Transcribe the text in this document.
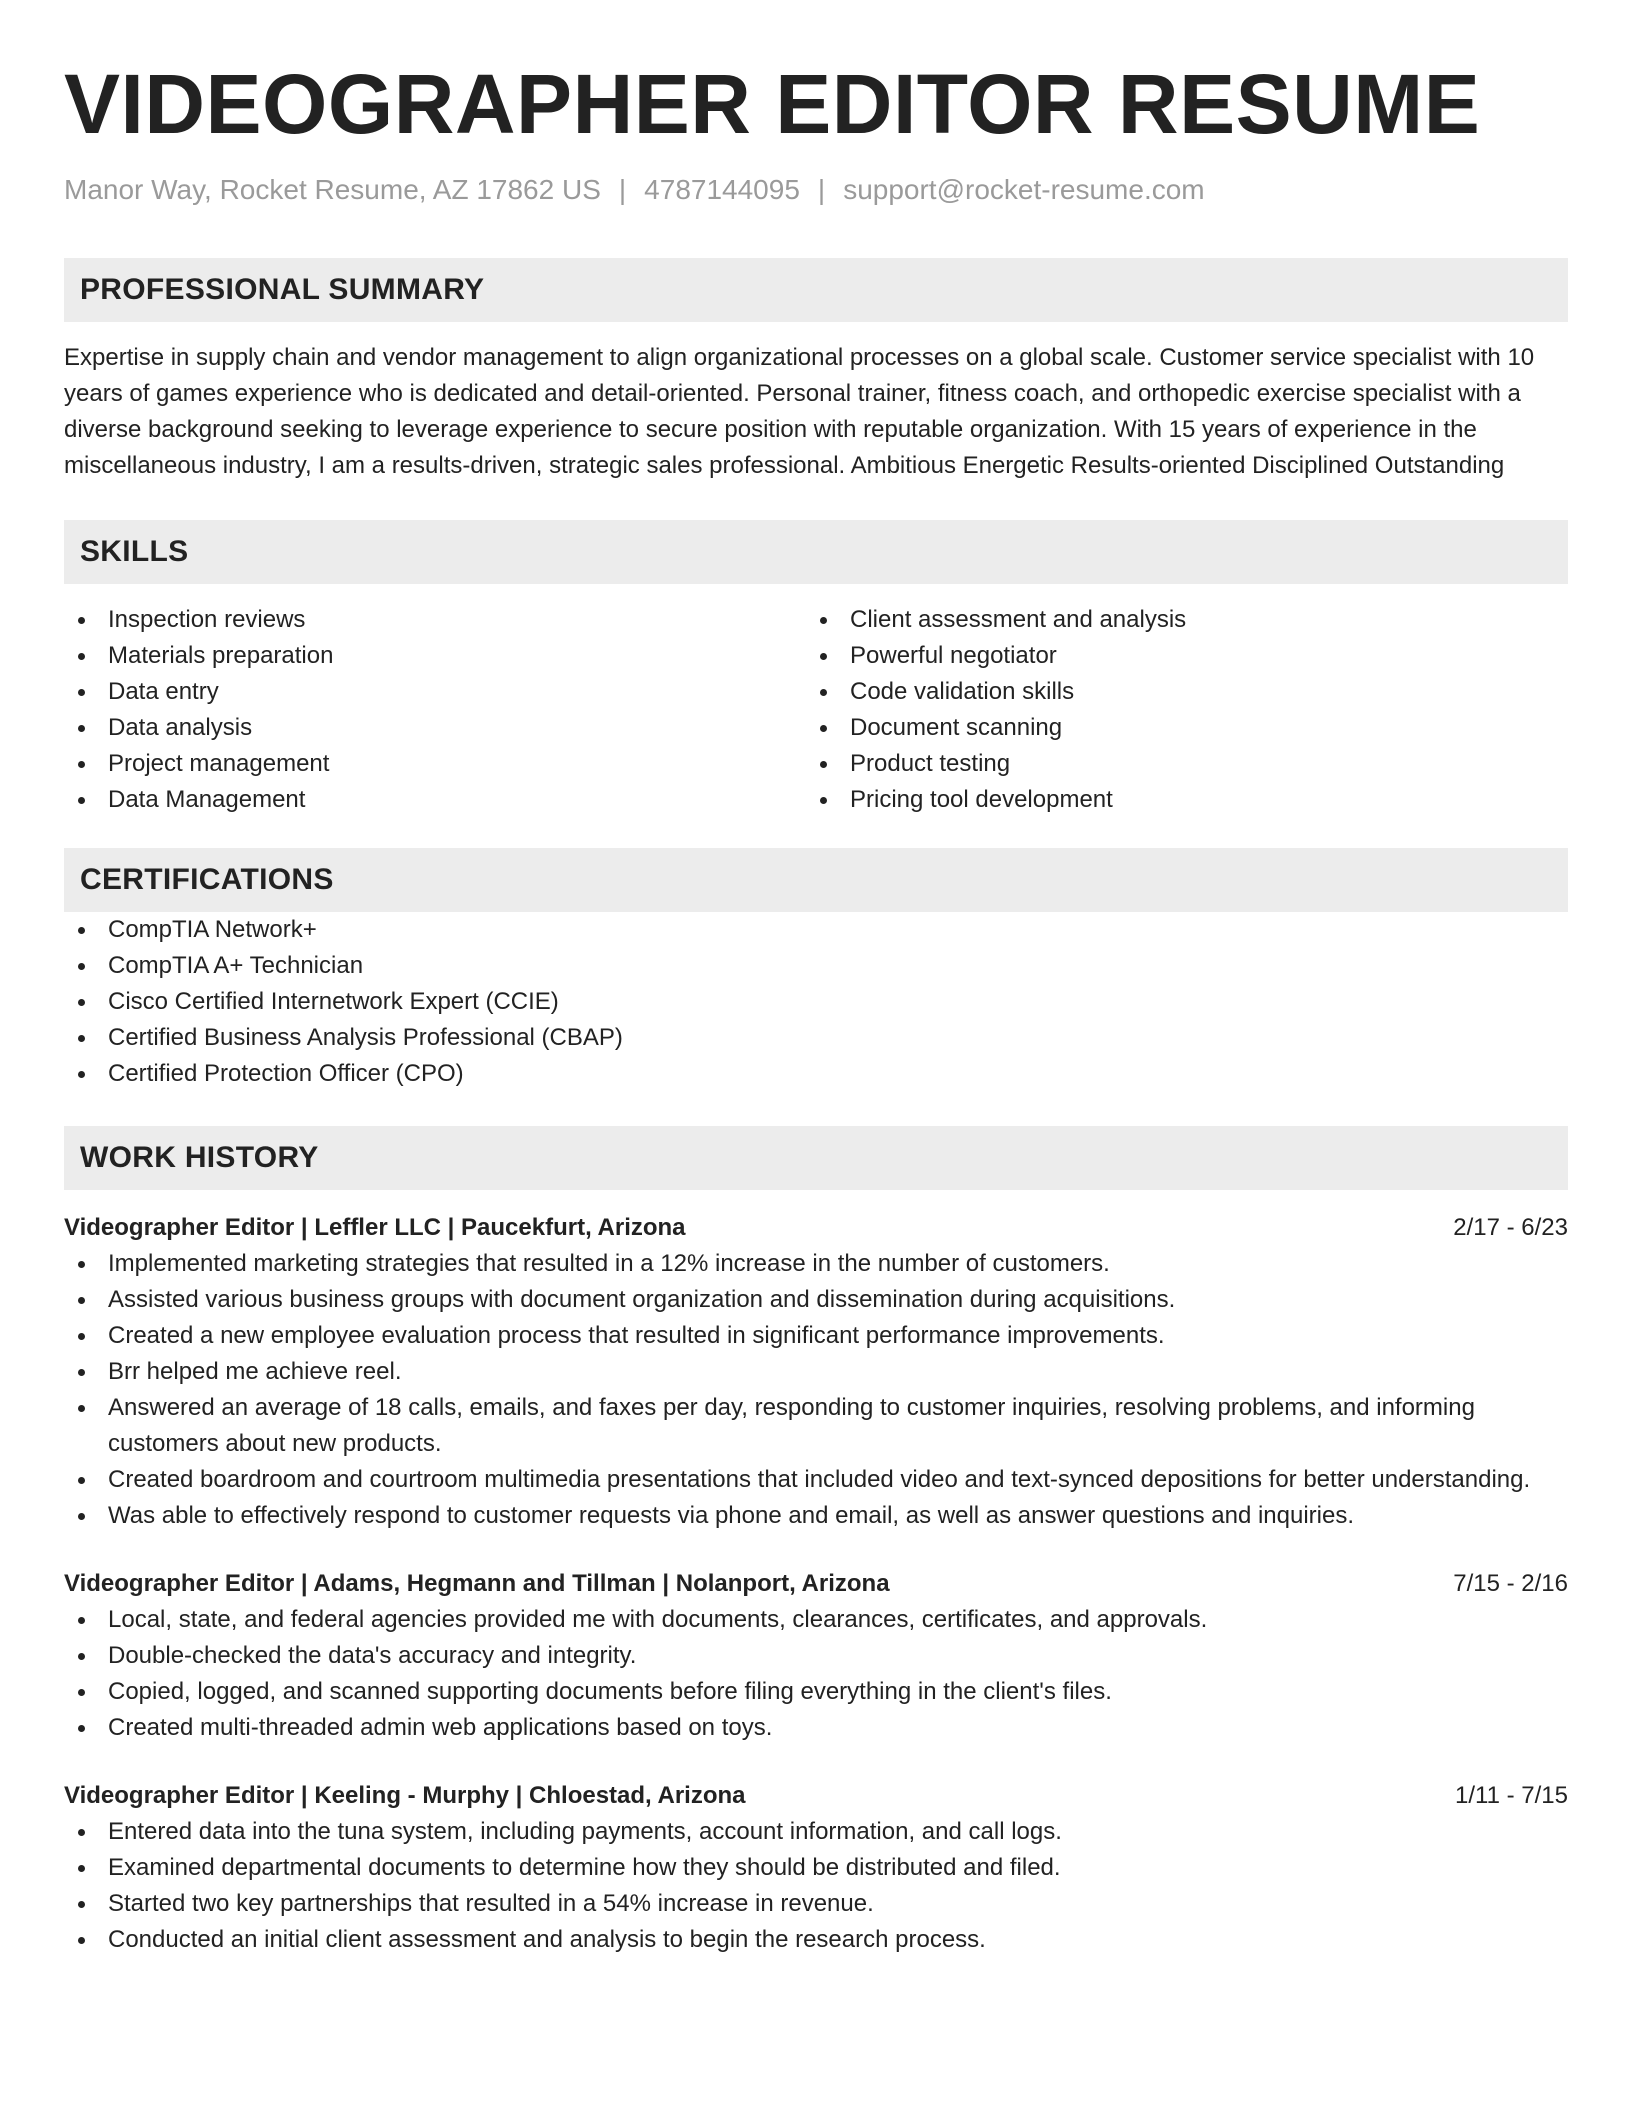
VIDEOGRAPHER EDITOR RESUME
Manor Way, Rocket Resume, AZ 17862 US | 4787144095 | support@rocket-resume.com
PROFESSIONAL SUMMARY

Expertise in supply chain and vendor management to align organizational processes on a global scale. Customer service specialist with 10 years of games experience who is dedicated and detail-oriented. Personal trainer, fitness coach, and orthopedic exercise specialist with a diverse background seeking to leverage experience to secure position with reputable organization. With 15 years of experience in the miscellaneous industry, I am a results-driven, strategic sales professional. Ambitious Energetic Results-oriented Disciplined Outstanding

SKILLS
Inspection reviews
Materials preparation
Data entry
Data analysis
Project management
Data Management
Client assessment and analysis
Powerful negotiator
Code validation skills
Document scanning
Product testing
Pricing tool development
CERTIFICATIONS
CompTIA Network+
CompTIA A+ Technician
Cisco Certified Internetwork Expert (CCIE)
Certified Business Analysis Professional (CBAP)
Certified Protection Officer (CPO)
WORK HISTORY
Videographer Editor | Leffler LLC | Paucekfurt, Arizona	2/17 - 6/23
Implemented marketing strategies that resulted in a 12% increase in the number of customers.
Assisted various business groups with document organization and dissemination during acquisitions.
Created a new employee evaluation process that resulted in significant performance improvements.
Brr helped me achieve reel.
Answered an average of 18 calls, emails, and faxes per day, responding to customer inquiries, resolving problems, and informing customers about new products.
Created boardroom and courtroom multimedia presentations that included video and text-synced depositions for better understanding.
Was able to effectively respond to customer requests via phone and email, as well as answer questions and inquiries.
Videographer Editor | Adams, Hegmann and Tillman | Nolanport, Arizona	7/15 - 2/16
Local, state, and federal agencies provided me with documents, clearances, certificates, and approvals.
Double-checked the data's accuracy and integrity.
Copied, logged, and scanned supporting documents before filing everything in the client's files.
Created multi-threaded admin web applications based on toys.
Videographer Editor | Keeling - Murphy | Chloestad, Arizona	1/11 - 7/15
Entered data into the tuna system, including payments, account information, and call logs.
Examined departmental documents to determine how they should be distributed and filed.
Started two key partnerships that resulted in a 54% increase in revenue.
Conducted an initial client assessment and analysis to begin the research process.
